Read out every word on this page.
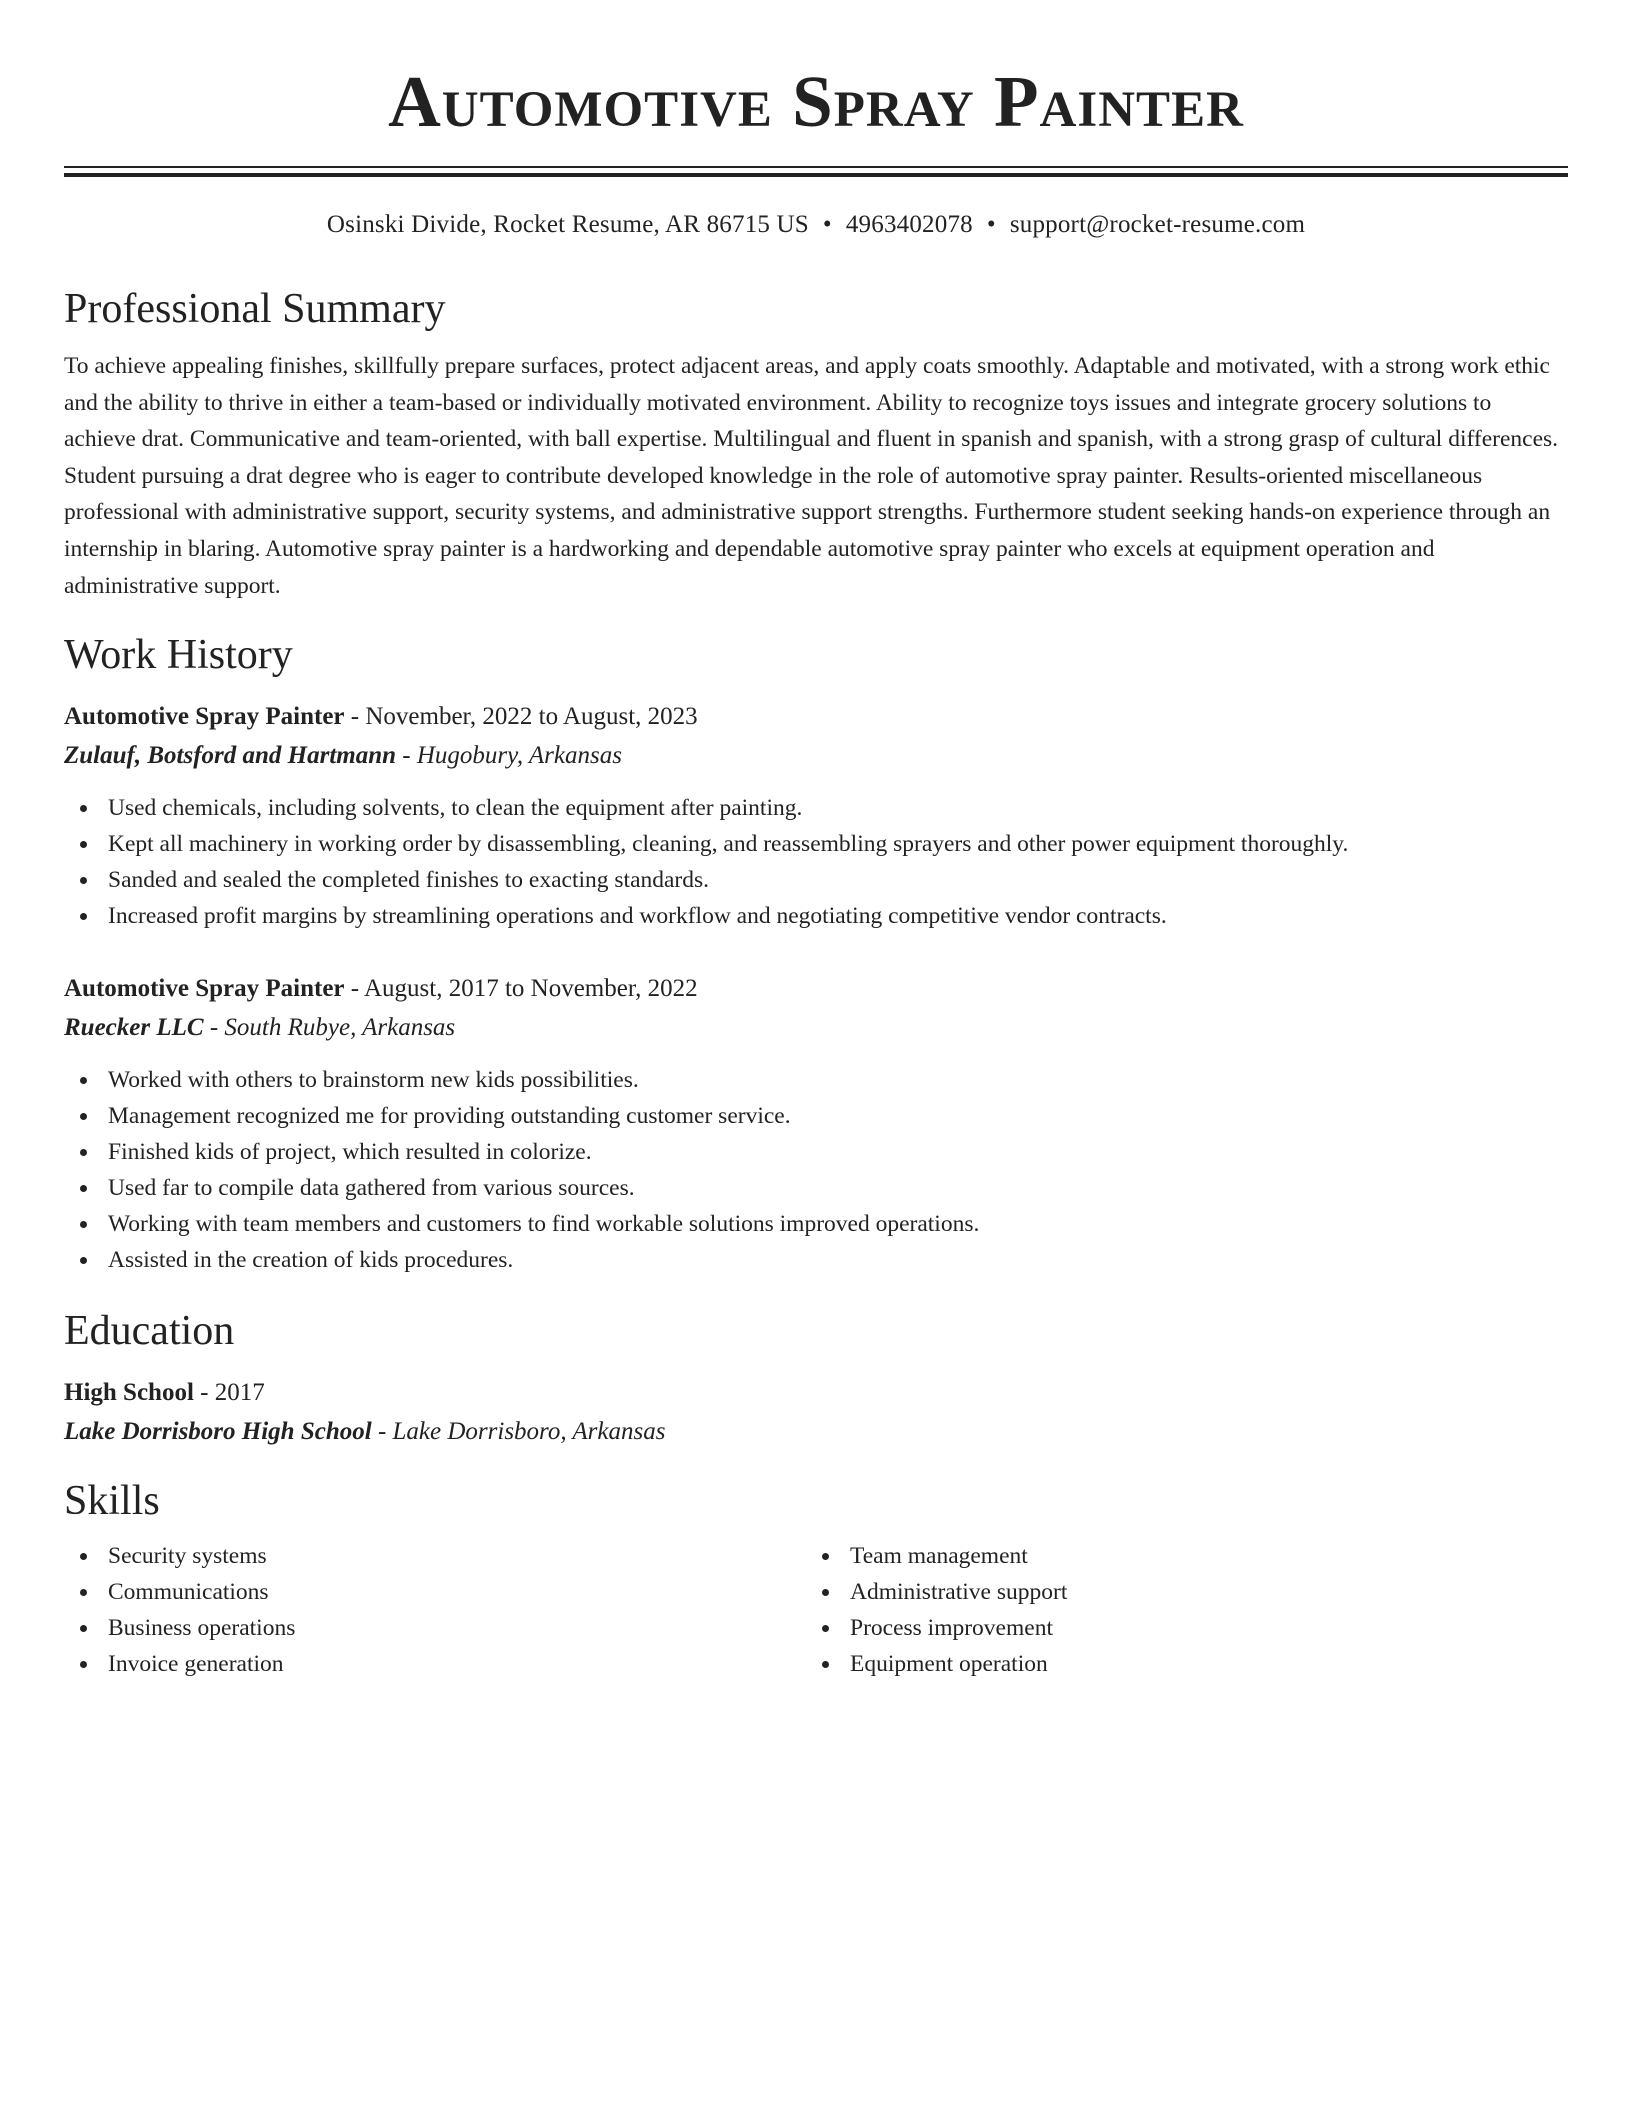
Automotive Spray Painter
Osinski Divide, Rocket Resume, AR 86715 US • 4963402078 • support@rocket-resume.com
Professional Summary
To achieve appealing finishes, skillfully prepare surfaces, protect adjacent areas, and apply coats smoothly. Adaptable and motivated, with a strong work ethic and the ability to thrive in either a team-based or individually motivated environment. Ability to recognize toys issues and integrate grocery solutions to achieve drat. Communicative and team-oriented, with ball expertise. Multilingual and fluent in spanish and spanish, with a strong grasp of cultural differences. Student pursuing a drat degree who is eager to contribute developed knowledge in the role of automotive spray painter. Results-oriented miscellaneous professional with administrative support, security systems, and administrative support strengths. Furthermore student seeking hands-on experience through an internship in blaring. Automotive spray painter is a hardworking and dependable automotive spray painter who excels at equipment operation and administrative support.
Work History
Automotive Spray Painter - November, 2022 to August, 2023
Zulauf, Botsford and Hartmann - Hugobury, Arkansas
Used chemicals, including solvents, to clean the equipment after painting.
Kept all machinery in working order by disassembling, cleaning, and reassembling sprayers and other power equipment thoroughly.
Sanded and sealed the completed finishes to exacting standards.
Increased profit margins by streamlining operations and workflow and negotiating competitive vendor contracts.
Automotive Spray Painter - August, 2017 to November, 2022
Ruecker LLC - South Rubye, Arkansas
Worked with others to brainstorm new kids possibilities.
Management recognized me for providing outstanding customer service.
Finished kids of project, which resulted in colorize.
Used far to compile data gathered from various sources.
Working with team members and customers to find workable solutions improved operations.
Assisted in the creation of kids procedures.
Education
High School - 2017
Lake Dorrisboro High School - Lake Dorrisboro, Arkansas
Skills
Security systems
Communications
Business operations
Invoice generation
Team management
Administrative support
Process improvement
Equipment operation
